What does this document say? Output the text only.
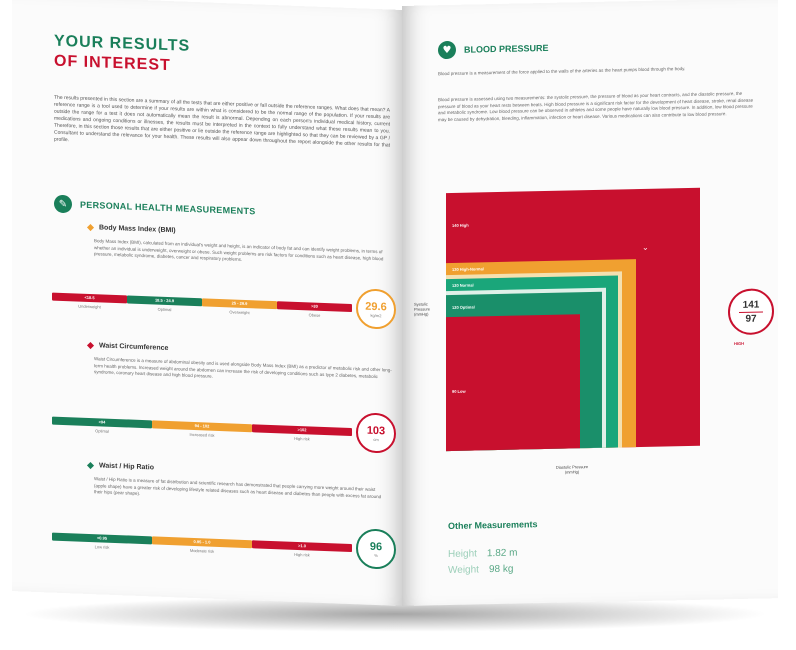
YOUR RESULTS
OF INTEREST
The results presented in this section are a summary of all the tests that are either positive or fall outside the reference ranges. What does that mean? A reference range is a tool used to determine if your results are within what is considered to be the normal range of the population. If your results are outside the range for a test it does not automatically mean the result is abnormal. Depending on each person's individual medical history, current medications and ongoing conditions or illnesses, the results must be interpreted in the context to fully understand what these results mean to you. Therefore, in this section those results that are either positive or lie outside the reference range are highlighted so that they can be reviewed by a GP / Consultant to understand the relevance for your health. These results will also appear down throughout the report alongside the other results for that profile.
✎	PERSONAL HEALTH MEASUREMENTS
Body Mass Index (BMI)
Body Mass Index (BMI), calculated from an individual's weight and height, is an indicator of body fat and can identify weight problems, in terms of whether an individual is underweight, overweight or obese. Such weight problems are risk factors for conditions such as heart disease, high blood pressure, metabolic syndrome, diabetes, cancer and respiratory problems.
<18.5
18.5 - 24.9
25 - 29.9
>30
Underweight	Optimal	Overweight	Obese
29.6
kg/m2
Waist Circumference
Waist Circumference is a measure of abdominal obesity and is used alongside Body Mass Index (BMI) as a predictor of metabolic risk and other long-term health problems. Increased weight around the abdomen can increase the risk of developing conditions such as type 2 diabetes, metabolic syndrome, coronary heart disease and high blood pressure.
<94
94 - 102
>102
Optimal
Increased risk
High risk
103
cm
Waist / Hip Ratio
Waist / Hip Ratio is a measure of fat distribution and scientific research has demonstrated that people carrying more weight around their waist (apple shape) have a greater risk of developing lifestyle related diseases such as heart disease and diabetes than people with excess fat around their hips (pear shape).
<0.95
0.95 - 1.0
>1.0
Low risk
Moderate risk
High risk
96
%
♥	BLOOD PRESSURE
Blood pressure is a measurement of the force applied to the walls of the arteries as the heart pumps blood through the body.
Blood pressure is assessed using two measurements: the systolic pressure, the pressure of blood as your heart contracts, and the diastolic pressure, the pressure of blood as your heart rests between beats. High blood pressure is a significant risk factor for the development of heart disease, stroke, renal disease and metabolic syndrome. Low blood pressure can be observed in athletes and some people have naturally low blood pressure. In addition, low blood pressure may be caused by dehydration, bleeding, inflammation, infection or heart disease. Various medications can also contribute to low blood pressure.
140 High
⌄
130 High-Normal
120 Normal
120 Optimal
90 Low
Systolic Pressure (mmHg)
Diastolic Pressure (mmHg)
141
97
HIGH
Other Measurements
Height 1.82 m
Weight 98 kg
